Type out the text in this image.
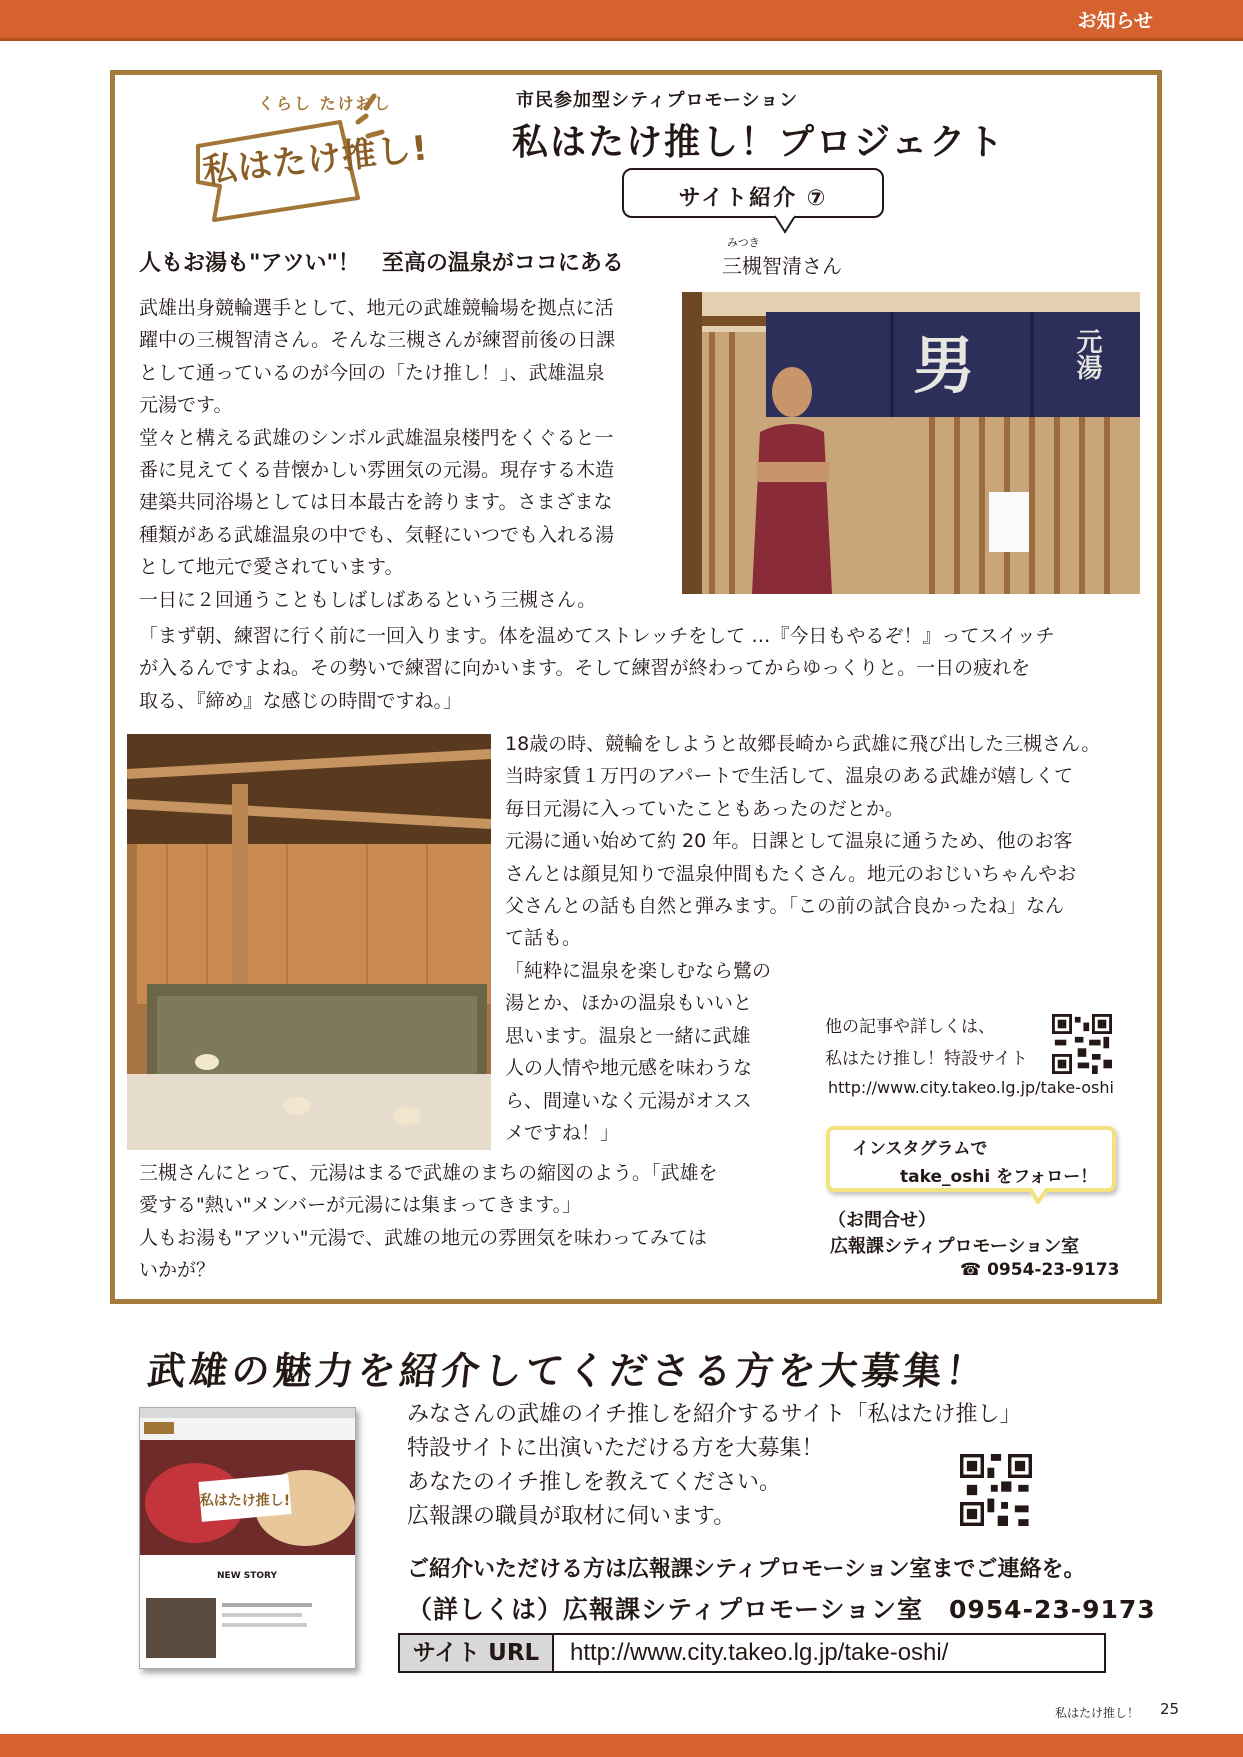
お知らせ
くらし たけおし
私はたけ推し!
市民参加型シティプロモーション
私はたけ推し！プロジェクト
サイト紹介 ⑦
人もお湯も"アツい"！　至高の温泉がココにある
みつき
三槻智清さん
武雄出身競輪選手として、地元の武雄競輪場を拠点に活
躍中の三槻智清さん。そんな三槻さんが練習前後の日課
として通っているのが今回の「たけ推し！」、武雄温泉
元湯です。
堂々と構える武雄のシンボル武雄温泉楼門をくぐると一
番に見えてくる昔懐かしい雰囲気の元湯。現存する木造
建築共同浴場としては日本最古を誇ります。さまざまな
種類がある武雄温泉の中でも、気軽にいつでも入れる湯
として地元で愛されています。
一日に２回通うこともしばしばあるという三槻さん。
男	元湯
「まず朝、練習に行く前に一回入ります。体を温めてストレッチをして …『今日もやるぞ！』ってスイッチ
が入るんですよね。その勢いで練習に向かいます。そして練習が終わってからゆっくりと。一日の疲れを
取る、『締め』な感じの時間ですね。」
18歳の時、競輪をしようと故郷長崎から武雄に飛び出した三槻さん。
当時家賃１万円のアパートで生活して、温泉のある武雄が嬉しくて
毎日元湯に入っていたこともあったのだとか。
元湯に通い始めて約 20 年。日課として温泉に通うため、他のお客
さんとは顔見知りで温泉仲間もたくさん。地元のおじいちゃんやお
父さんとの話も自然と弾みます。「この前の試合良かったね」なん
て話も。
「純粋に温泉を楽しむなら鷺の
湯とか、ほかの温泉もいいと
思います。温泉と一緒に武雄
人の人情や地元感を味わうな
ら、間違いなく元湯がオスス
メですね！」
三槻さんにとって、元湯はまるで武雄のまちの縮図のよう。「武雄を
愛する"熱い"メンバーが元湯には集まってきます。」
人もお湯も"アツい"元湯で、武雄の地元の雰囲気を味わってみては
いかが？
他の記事や詳しくは、
私はたけ推し！特設サイト
http://www.city.takeo.lg.jp/take-oshi
インスタグラムで
take_oshi をフォロー！
（お問合せ）
広報課シティプロモーション室
☎ 0954-23-9173
武雄の魅力を紹介してくださる方を大募集！
私はたけ推し!
NEW STORY
みなさんの武雄のイチ推しを紹介するサイト「私はたけ推し」
特設サイトに出演いただける方を大募集！
あなたのイチ推しを教えてください。
広報課の職員が取材に伺います。
ご紹介いただける方は広報課シティプロモーション室までご連絡を。
（詳しくは）広報課シティプロモーション室　0954-23-9173
サイト URL	http://www.city.takeo.lg.jp/take-oshi/
私はたけ推し！ 25
